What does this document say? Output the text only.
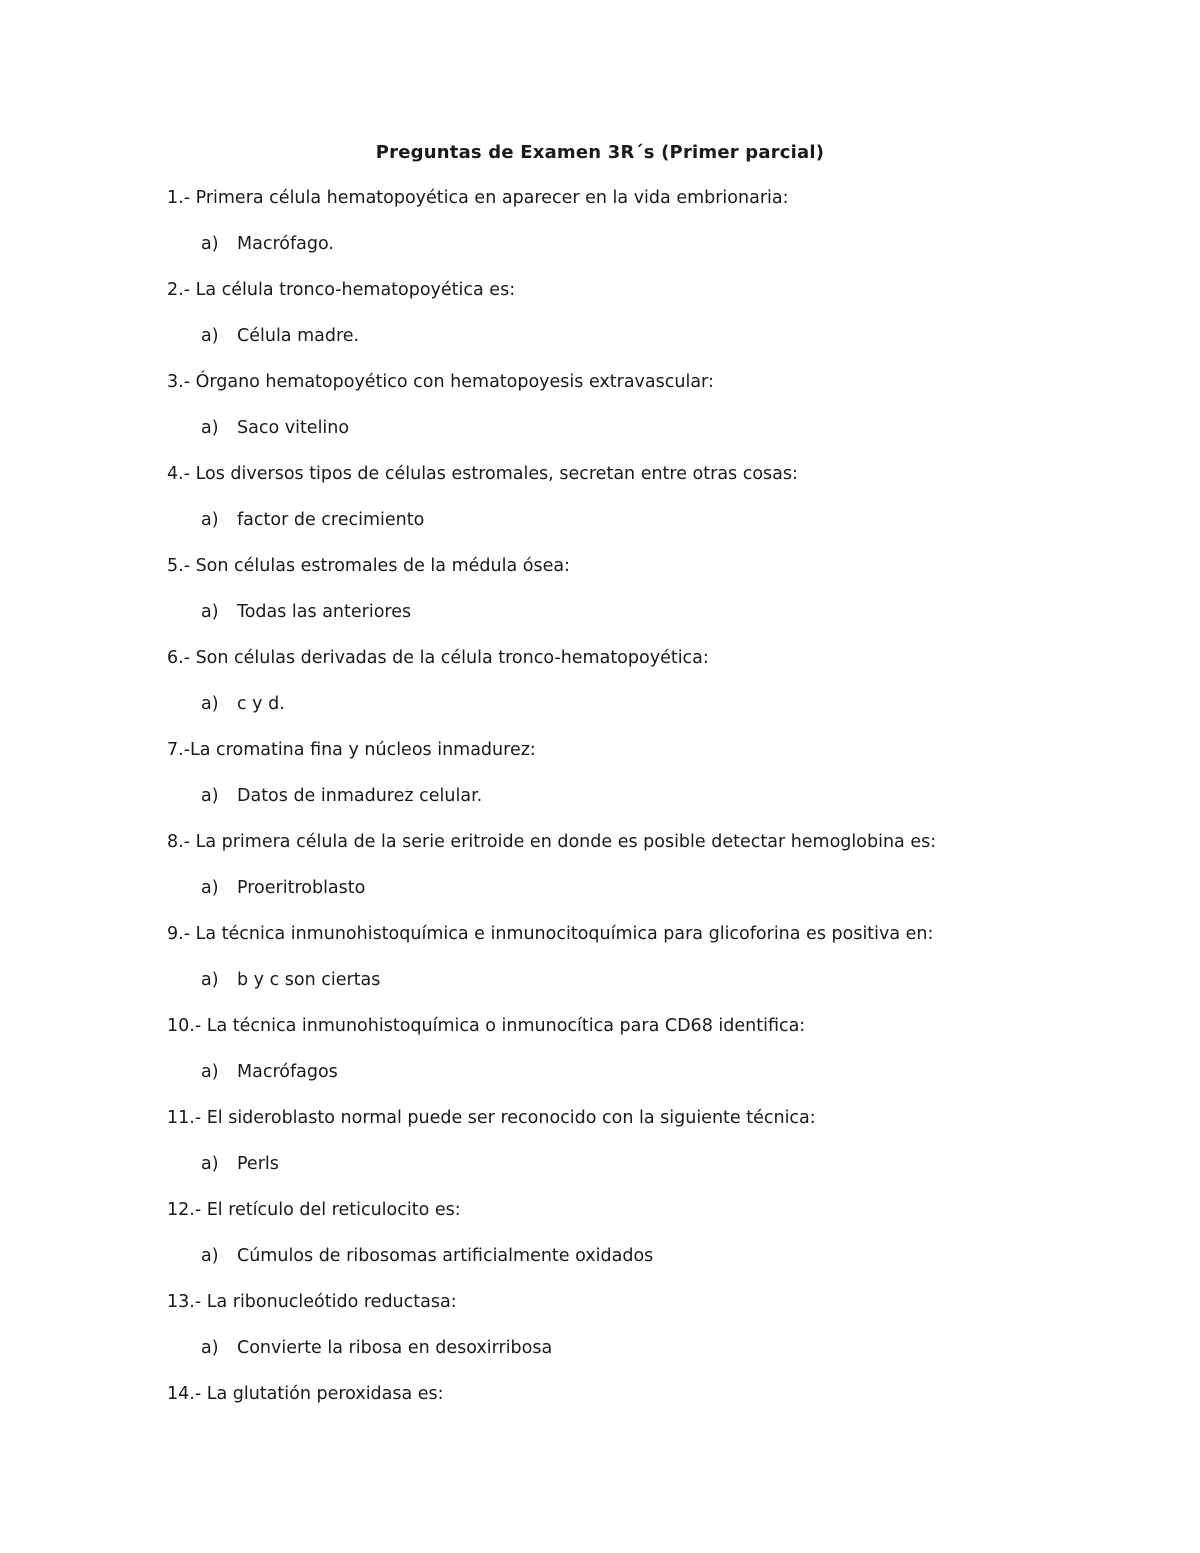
Preguntas de Examen 3R´s (Primer parcial)
1.- Primera célula hematopoyética en aparecer en la vida embrionaria:
a) Macrófago.
2.- La célula tronco-hematopoyética es:
a) Célula madre.
3.- Órgano hematopoyético con hematopoyesis extravascular:
a) Saco vitelino
4.- Los diversos tipos de células estromales, secretan entre otras cosas:
a) factor de crecimiento
5.- Son células estromales de la médula ósea:
a) Todas las anteriores
6.- Son células derivadas de la célula tronco-hematopoyética:
a) c y d.
7.-La cromatina fina y núcleos inmadurez:
a) Datos de inmadurez celular.
8.- La primera célula de la serie eritroide en donde es posible detectar hemoglobina es:
a) Proeritroblasto
9.- La técnica inmunohistoquímica e inmunocitoquímica para glicoforina es positiva en:
a) b y c son ciertas
10.- La técnica inmunohistoquímica o inmunocítica para CD68 identifica:
a) Macrófagos
11.- El sideroblasto normal puede ser reconocido con la siguiente técnica:
a) Perls
12.- El retículo del reticulocito es:
a) Cúmulos de ribosomas artificialmente oxidados
13.- La ribonucleótido reductasa:
a) Convierte la ribosa en desoxirribosa
14.- La glutatión peroxidasa es:
